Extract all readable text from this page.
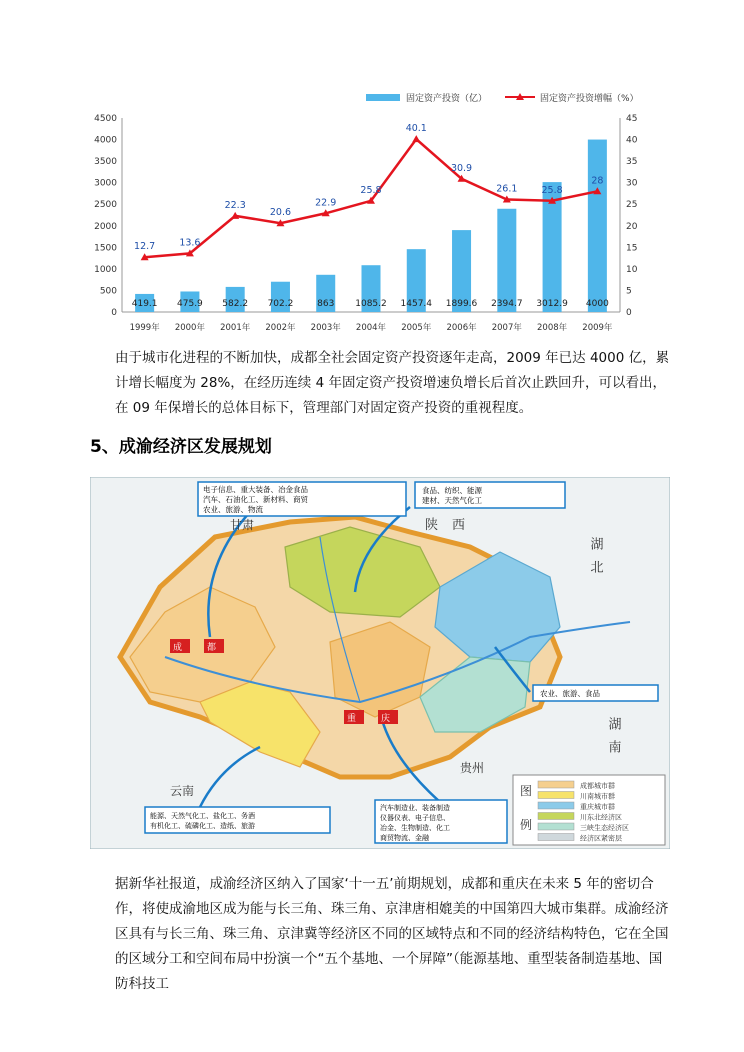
固定资产投资（亿）	固定资产投资增幅（%）
0
500
1000
1500
2000
2500
3000
3500
4000
4500
0
5
10
15
20
25
30
35
40
45
419.1 475.9 582.2 702.2	863 1085.2 1457.4 1899.6 2394.7 3012.9 4000
1999年 2000年 2001年 2002年 2003年 2004年 2005年 2006年 2007年 2008年 2009年
12.7	13.6
22.3
20.6
22.9
25.8
40.1
30.9
26.1	25.8
28

由于城市化进程的不断加快，成都全社会固定资产投资逐年走高，2009 年已达 4000 亿，累计增长幅度为 28%，在经历连续 4 年固定资产投资增速负增长后首次止跌回升，可以看出，在 09 年保增长的总体目标下，管理部门对固定资产投资的重视程度。

5、成渝经济区发展规划
电子信息、重大装备、冶金食品
汽车、石油化工、新材料、商贸
农业、旅游、物流
食品、纺织、能源
建材、天然气化工
农业、旅游、食品
能源、天然气化工、盐化工、务酒
有机化工、硫磷化工、造纸、旅游
汽车制造业、装备制造
仪器仪表、电子信息、
冶金、生物制造、化工
商贸物流、金融
甘肃	陕西
湖北
湖南
贵州
云南
成	都
重	庆
图
例
成都城市群
川南城市群
重庆城市群
川东北经济区
三峡生态经济区
经济区紧密层

据新华社报道，成渝经济区纳入了国家‘十一五’前期规划，成都和重庆在未来 5 年的密切合作，将使成渝地区成为能与长三角、珠三角、京津唐相媲美的中国第四大城市集群。成渝经济区具有与长三角、珠三角、京津冀等经济区不同的区域特点和不同的经济结构特色，它在全国的区域分工和空间布局中扮演一个“五个基地、一个屏障”（能源基地、重型装备制造基地、国防科技工
